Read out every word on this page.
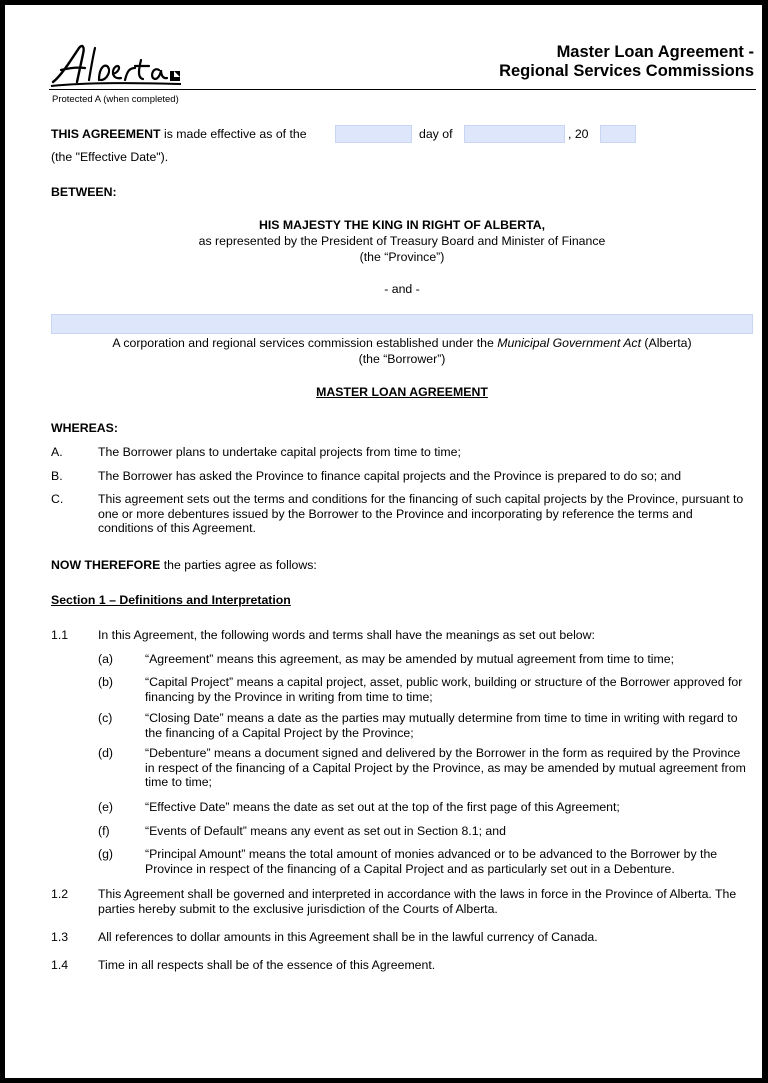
Master Loan Agreement -
Regional Services Commissions
Protected A (when completed)
THIS AGREEMENT is made effective as of the	day of	, 20
(the "Effective Date").
BETWEEN:
HIS MAJESTY THE KING IN RIGHT OF ALBERTA,
as represented by the President of Treasury Board and Minister of Finance
(the “Province”)
- and -
A corporation and regional services commission established under the Municipal Government Act (Alberta)
(the “Borrower”)
MASTER LOAN AGREEMENT
WHEREAS:
A.	The Borrower plans to undertake capital projects from time to time;
B.	The Borrower has asked the Province to finance capital projects and the Province is prepared to do so; and
C.	This agreement sets out the terms and conditions for the financing of such capital projects by the Province, pursuant to one or more debentures issued by the Borrower to the Province and incorporating by reference the terms and conditions of this Agreement.
NOW THEREFORE the parties agree as follows:
Section 1 – Definitions and Interpretation
1.1 In this Agreement, the following words and terms shall have the meanings as set out below:
(a)	“Agreement” means this agreement, as may be amended by mutual agreement from time to time;
(b)	“Capital Project” means a capital project, asset, public work, building or structure of the Borrower approved for financing by the Province in writing from time to time;
(c)	“Closing Date” means a date as the parties may mutually determine from time to time in writing with regard to the financing of a Capital Project by the Province;
(d)	“Debenture” means a document signed and delivered by the Borrower in the form as required by the Province in respect of the financing of a Capital Project by the Province, as may be amended by mutual agreement from time to time;
(e)	“Effective Date” means the date as set out at the top of the first page of this Agreement;
(f)	“Events of Default” means any event as set out in Section 8.1; and
(g)	“Principal Amount” means the total amount of monies advanced or to be advanced to the Borrower by the Province in respect of the financing of a Capital Project and as particularly set out in a Debenture.
1.2 This Agreement shall be governed and interpreted in accordance with the laws in force in the Province of Alberta. The parties hereby submit to the exclusive jurisdiction of the Courts of Alberta.
1.3 All references to dollar amounts in this Agreement shall be in the lawful currency of Canada.
1.4 Time in all respects shall be of the essence of this Agreement.
